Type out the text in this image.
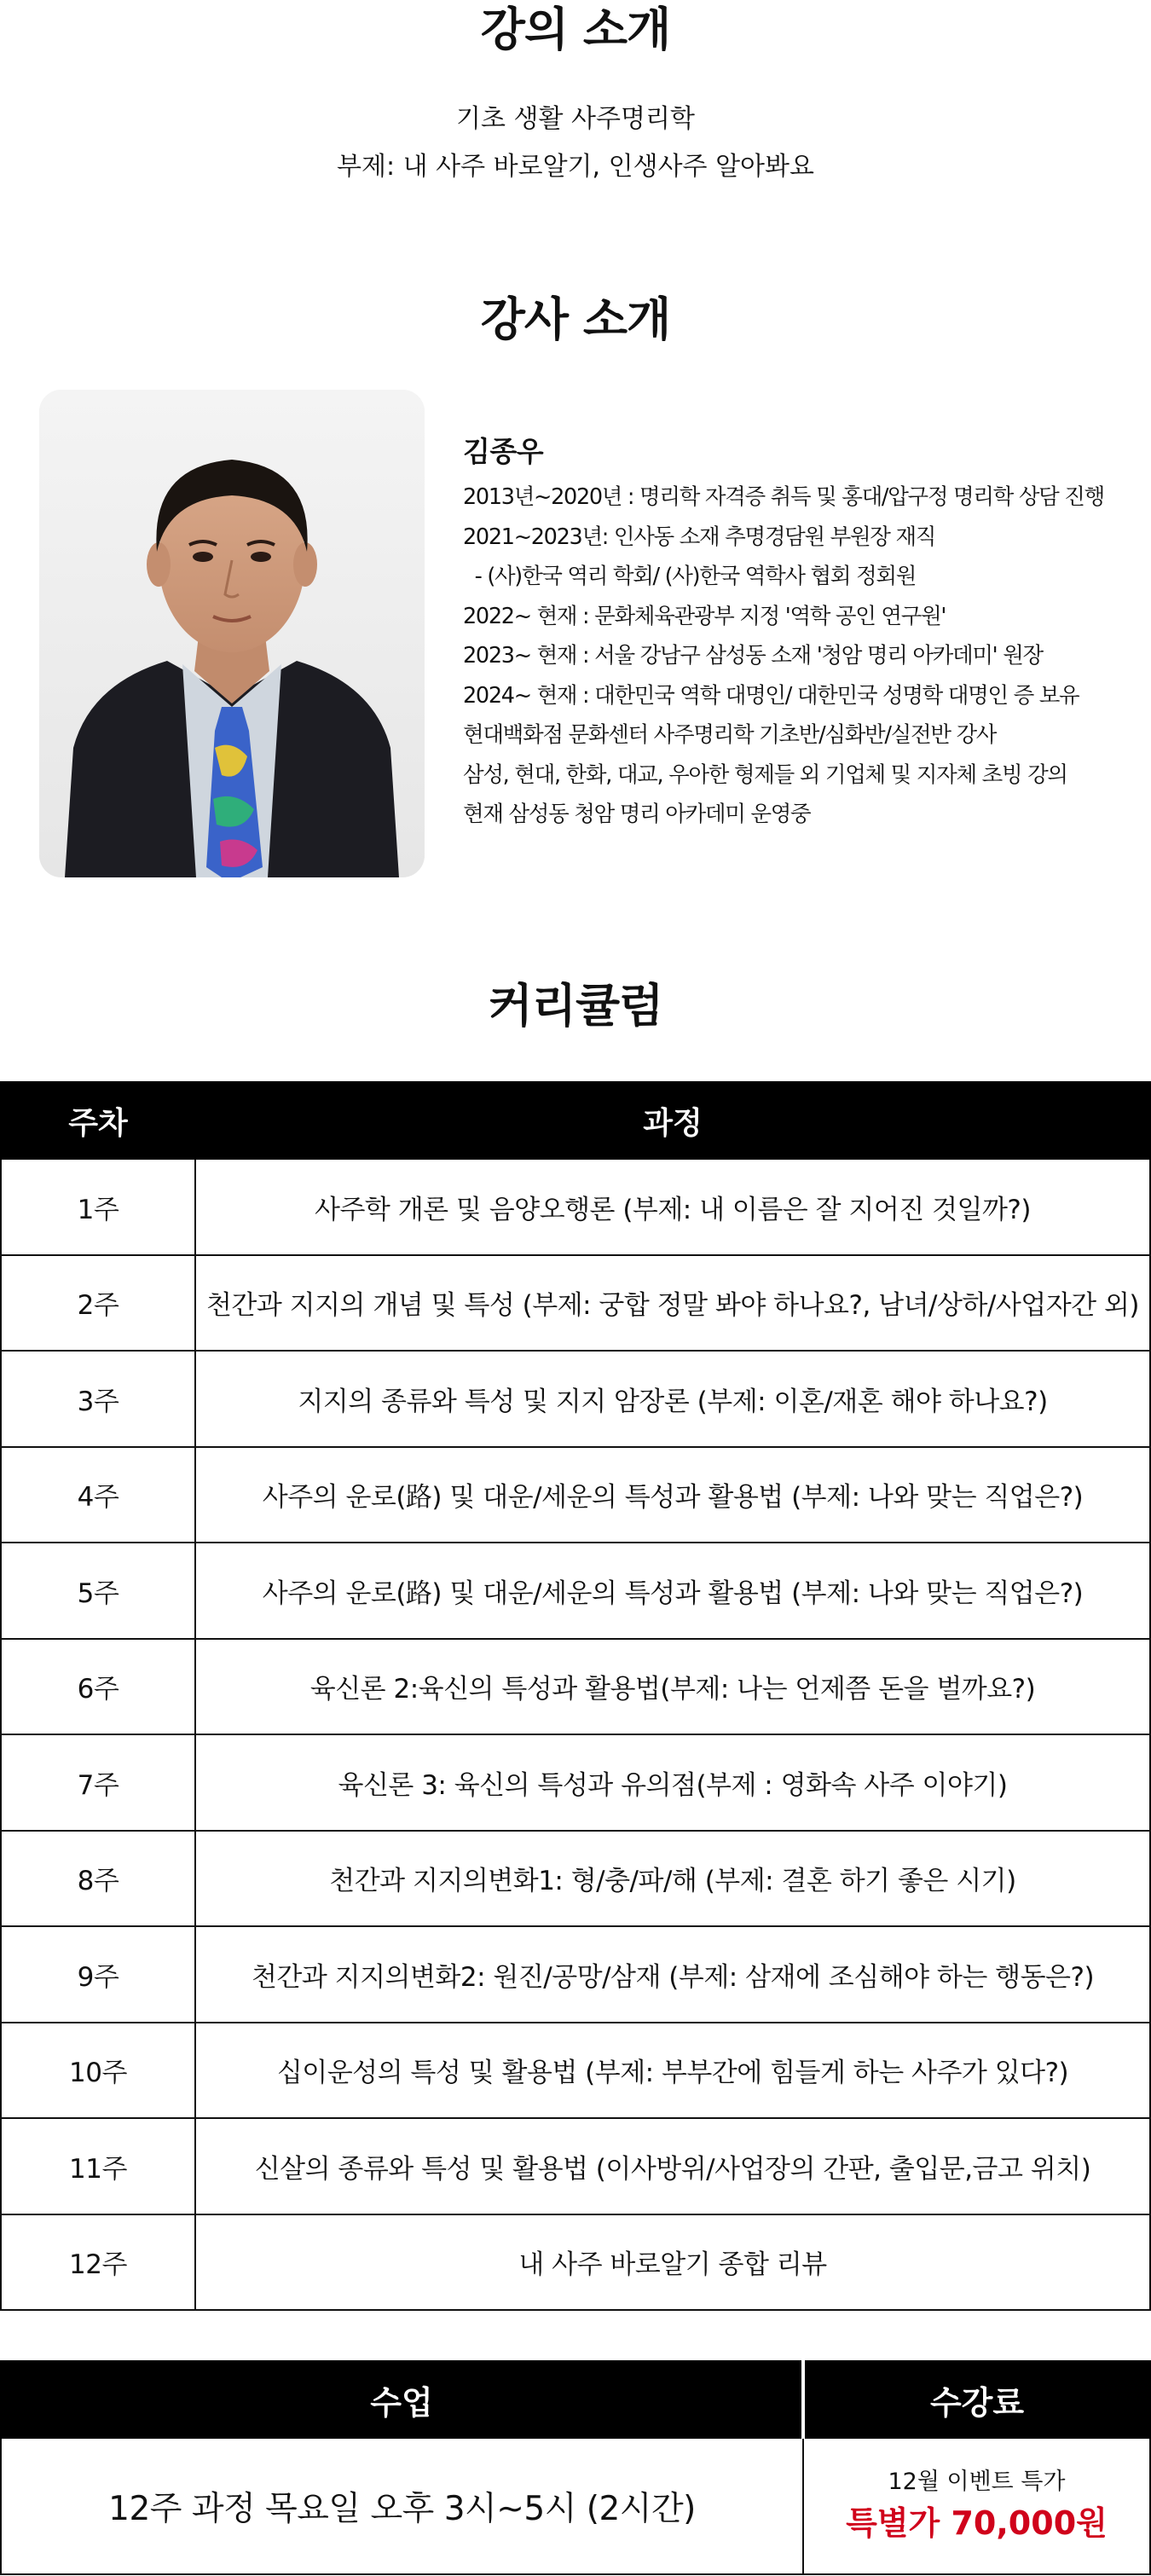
강의 소개
기초 생활 사주명리학
부제: 내 사주 바로알기, 인생사주 알아봐요
강사 소개
김종우
2013년~2020년 : 명리학 자격증 취득 및 홍대/압구정 명리학 상담 진행
2021~2023년: 인사동 소재 추명경담원 부원장 재직
- (사)한국 역리 학회/ (사)한국 역학사 협회 정회원
2022~ 현재 : 문화체육관광부 지정 '역학 공인 연구원'
2023~ 현재 : 서울 강남구 삼성동 소재 '청암 명리 아카데미' 원장
2024~ 현재 : 대한민국 역학 대명인/ 대한민국 성명학 대명인 증 보유
현대백화점 문화센터 사주명리학 기초반/심화반/실전반 강사
삼성, 현대, 한화, 대교, 우아한 형제들 외 기업체 및 지자체 초빙 강의
현재 삼성동 청암 명리 아카데미 운영중
커리큘럼
주차	과정
1주	사주학 개론 및 음양오행론 (부제: 내 이름은 잘 지어진 것일까?)
2주	천간과 지지의 개념 및 특성 (부제: 궁합 정말 봐야 하나요?, 남녀/상하/사업자간 외)
3주	지지의 종류와 특성 및 지지 암장론 (부제: 이혼/재혼 해야 하나요?)
4주	사주의 운로(路) 및 대운/세운의 특성과 활용법 (부제: 나와 맞는 직업은?)
5주	사주의 운로(路) 및 대운/세운의 특성과 활용법 (부제: 나와 맞는 직업은?)
6주	육신론 2:육신의 특성과 활용법(부제: 나는 언제쯤 돈을 벌까요?)
7주	육신론 3: 육신의 특성과 유의점(부제 : 영화속 사주 이야기)
8주	천간과 지지의변화1: 형/충/파/해 (부제: 결혼 하기 좋은 시기)
9주	천간과 지지의변화2: 원진/공망/삼재 (부제: 삼재에 조심해야 하는 행동은?)
10주	십이운성의 특성 및 활용법 (부제: 부부간에 힘들게 하는 사주가 있다?)
11주	신살의 종류와 특성 및 활용법 (이사방위/사업장의 간판, 출입문,금고 위치)
12주	내 사주 바로알기 종합 리뷰
수업	수강료
12주 과정 목요일 오후 3시~5시 (2시간)	12월 이벤트 특가
특별가 70,000원
